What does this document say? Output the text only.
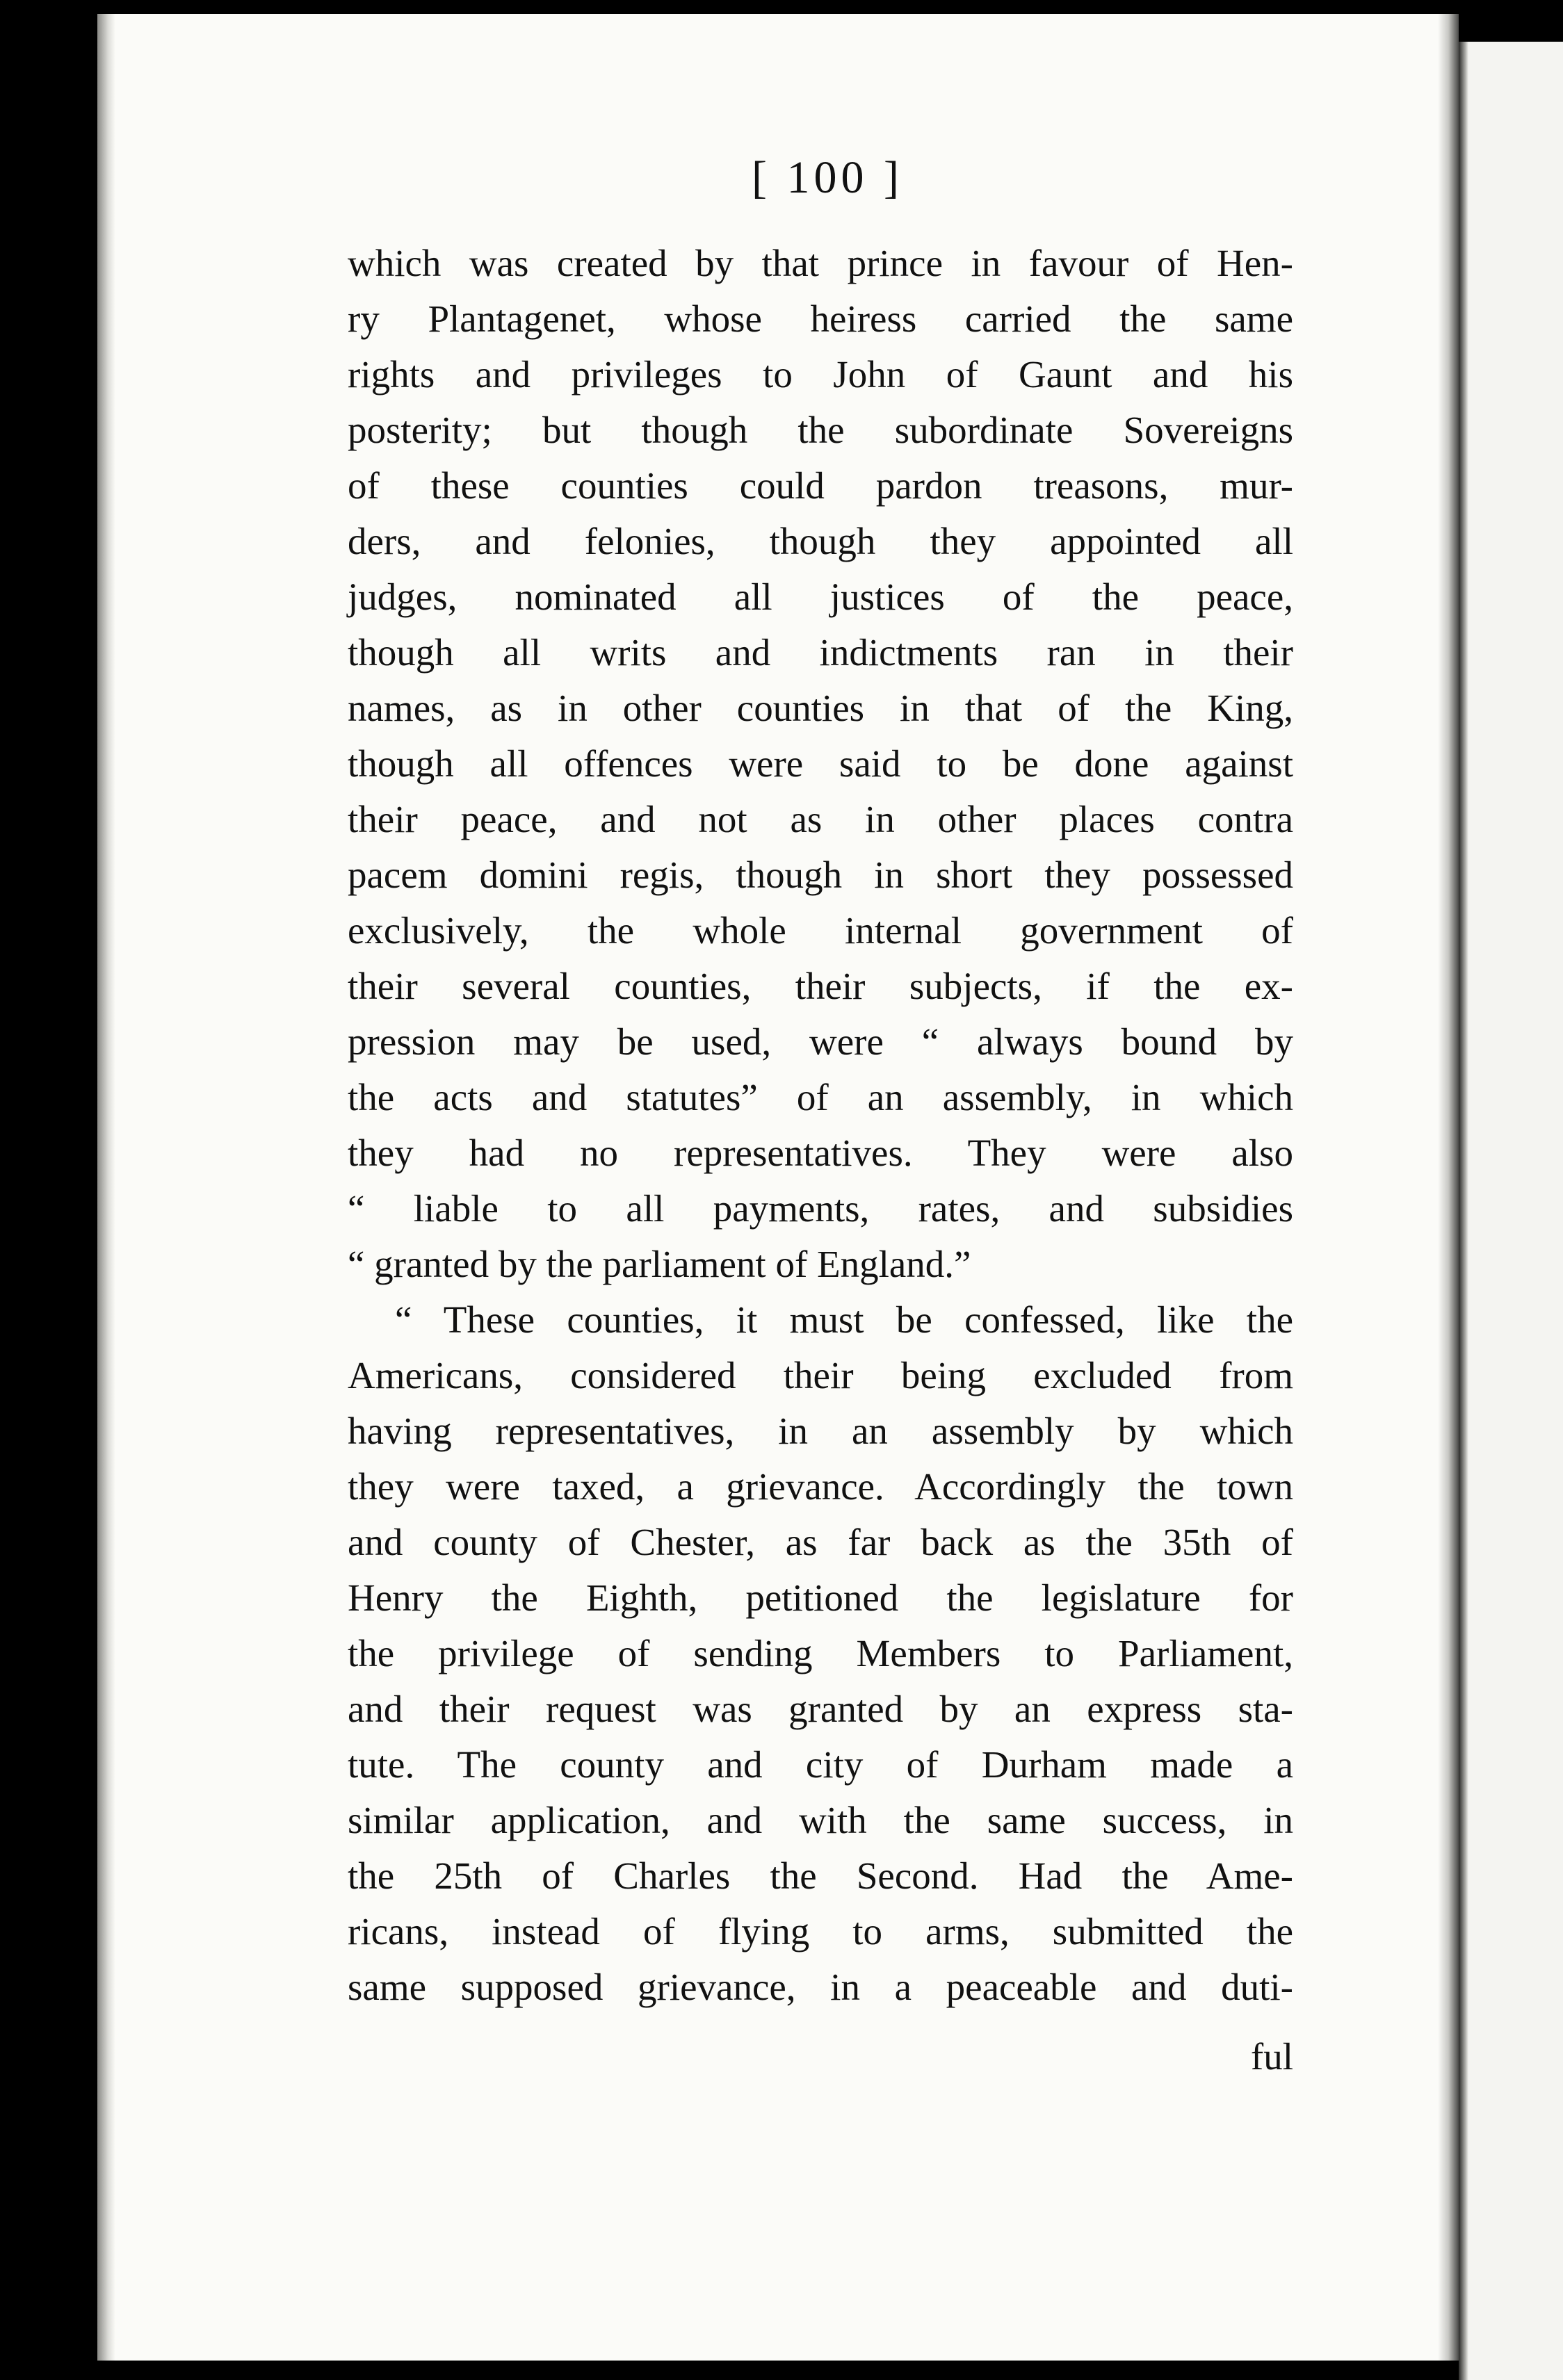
[ 100 ]
which was created by that prince in favour of Hen-
ry Plantagenet, whose heiress carried the same
rights and privileges to John of Gaunt and his
posterity; but though the subordinate Sovereigns
of these counties could pardon treasons, mur-
ders, and felonies, though they appointed all
judges, nominated all justices of the peace,
though all writs and indictments ran in their
names, as in other counties in that of the King,
though all offences were said to be done against
their peace, and not as in other places contra
pacem domini regis, though in short they possessed
exclusively, the whole internal government of
their several counties, their subjects, if the ex-
pression may be used, were “ always bound by
the acts and statutes” of an assembly, in which
they had no representatives. They were also
“ liable to all payments, rates, and subsidies
“ granted by the parliament of England.”
“ These counties, it must be confessed, like the
Americans, considered their being excluded from
having representatives, in an assembly by which
they were taxed, a grievance. Accordingly the town
and county of Chester, as far back as the 35th of
Henry the Eighth, petitioned the legislature for
the privilege of sending Members to Parliament,
and their request was granted by an express sta-
tute. The county and city of Durham made a
similar application, and with the same success, in
the 25th of Charles the Second. Had the Ame-
ricans, instead of flying to arms, submitted the
same supposed grievance, in a peaceable and duti-
ful
